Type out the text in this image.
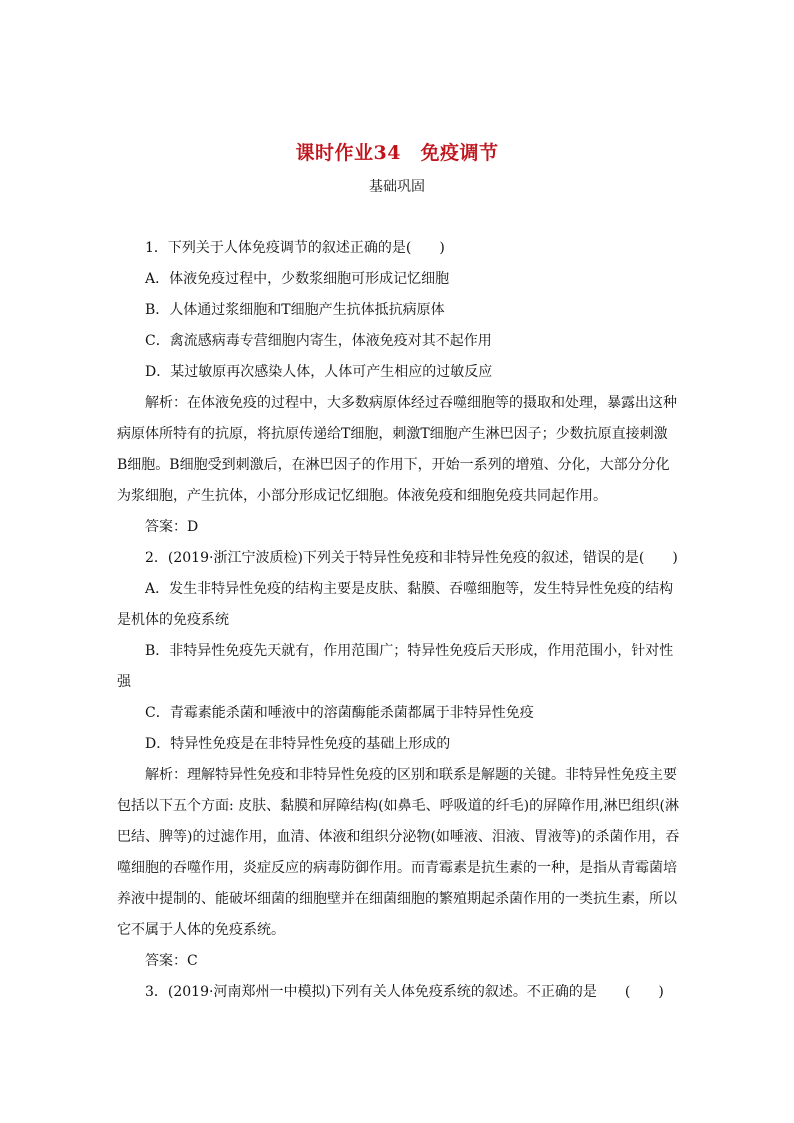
课时作业34　免疫调节
基础巩固
1．下列关于人体免疫调节的叙述正确的是(　　)
A．体液免疫过程中，少数浆细胞可形成记忆细胞
B．人体通过浆细胞和T细胞产生抗体抵抗病原体
C．禽流感病毒专营细胞内寄生，体液免疫对其不起作用
D．某过敏原再次感染人体，人体可产生相应的过敏反应
解析：在体液免疫的过程中，大多数病原体经过吞噬细胞等的摄取和处理，暴露出这种
病原体所特有的抗原，将抗原传递给T细胞，刺激T细胞产生淋巴因子；少数抗原直接刺激
B细胞。B细胞受到刺激后，在淋巴因子的作用下，开始一系列的增殖、分化，大部分分化
为浆细胞，产生抗体，小部分形成记忆细胞。体液免疫和细胞免疫共同起作用。
答案：D
2．(2019·浙江宁波质检)下列关于特异性免疫和非特异性免疫的叙述，错误的是(　　)
A．发生非特异性免疫的结构主要是皮肤、黏膜、吞噬细胞等，发生特异性免疫的结构
是机体的免疫系统
B．非特异性免疫先天就有，作用范围广；特异性免疫后天形成，作用范围小，针对性
强
C．青霉素能杀菌和唾液中的溶菌酶能杀菌都属于非特异性免疫
D．特异性免疫是在非特异性免疫的基础上形成的
解析：理解特异性免疫和非特异性免疫的区别和联系是解题的关键。非特异性免疫主要
包括以下五个方面: 皮肤、黏膜和屏障结构(如鼻毛、呼吸道的纤毛)的屏障作用,淋巴组织(淋
巴结、脾等)的过滤作用，血清、体液和组织分泌物(如唾液、泪液、胃液等)的杀菌作用，吞
噬细胞的吞噬作用，炎症反应的病毒防御作用。而青霉素是抗生素的一种，是指从青霉菌培
养液中提制的、能破坏细菌的细胞壁并在细菌细胞的繁殖期起杀菌作用的一类抗生素，所以
它不属于人体的免疫系统。
答案：C
3．(2019·河南郑州一中模拟)下列有关人体免疫系统的叙述。不正确的是　　(　　)
